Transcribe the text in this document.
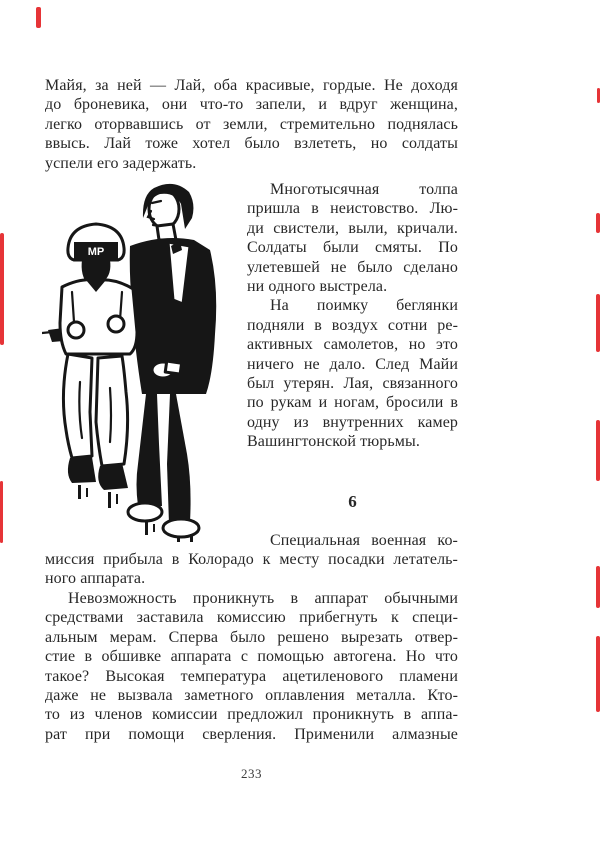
Майя, за ней — Лай, оба красивые, гордые. Не доходя
до броневика, они что-то запели, и вдруг женщина,
легко оторвавшись от земли, стремительно поднялась
ввысь. Лай тоже хотел было взлететь, но солдаты
успели его задержать.
MP
Многотысячная толпа
пришла в неистовство. Лю-
ди свистели, выли, кричали.
Солдаты были смяты. По
улетевшей не было сделано
ни одного выстрела.
На поимку беглянки
подняли в воздух сотни ре-
активных самолетов, но это
ничего не дало. След Майи
был утерян. Лая, связанного
по рукам и ногам, бросили в
одну из внутренних камер
Вашингтонской тюрьмы.
6
Специальная военная ко-
миссия прибыла в Колорадо к месту посадки летатель-
ного аппарата.
Невозможность проникнуть в аппарат обычными
средствами заставила комиссию прибегнуть к специ-
альным мерам. Сперва было решено вырезать отвер-
стие в обшивке аппарата с помощью автогена. Но что
такое? Высокая температура ацетиленового пламени
даже не вызвала заметного оплавления металла. Кто-
то из членов комиссии предложил проникнуть в аппа-
рат при помощи сверления. Применили алмазные
233
